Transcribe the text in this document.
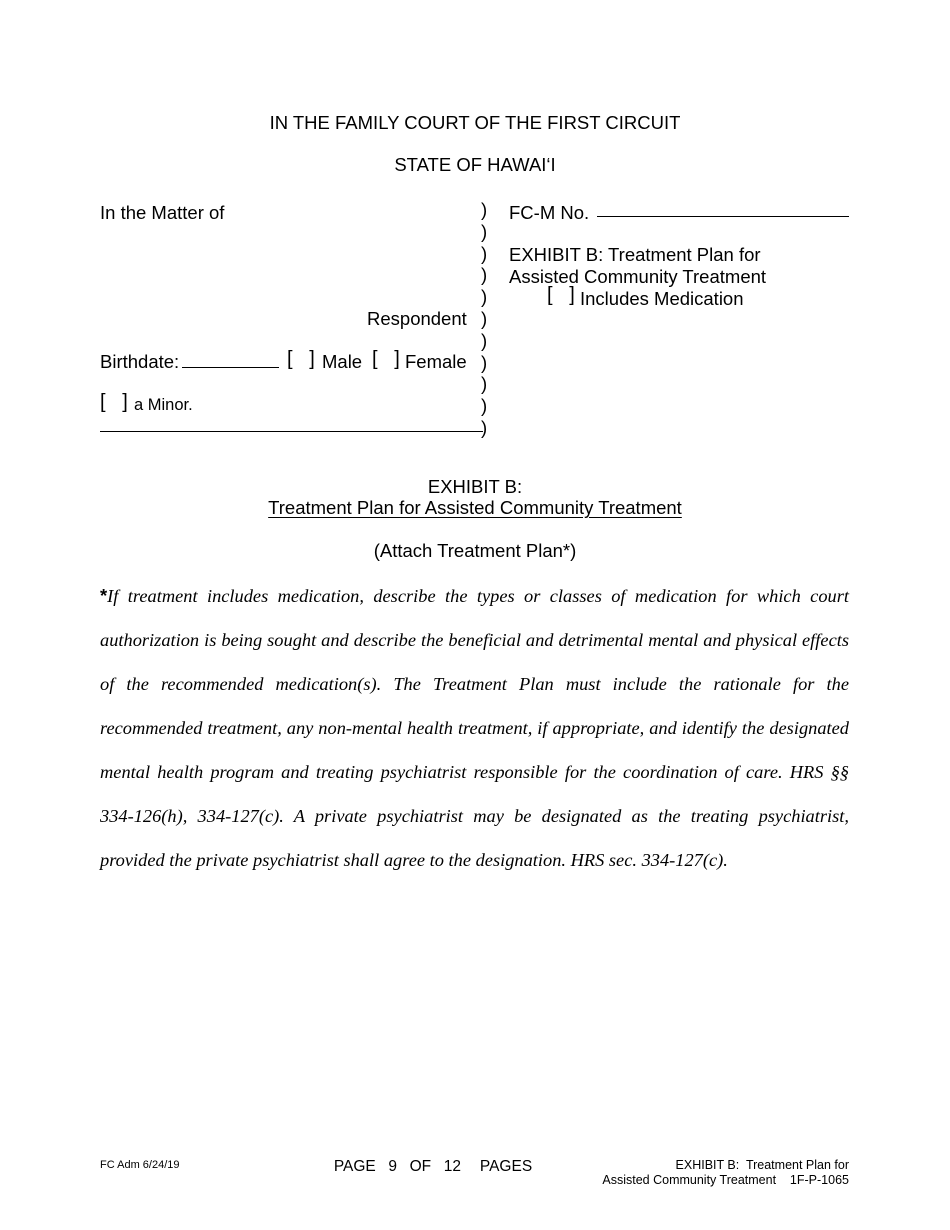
IN THE FAMILY COURT OF THE FIRST CIRCUIT
STATE OF HAWAI‘I
In the Matter of
Respondent
Birthdate:	[   ] Male [   ] Female
[   ] a Minor.
)
)
)
)
)
)
)
)
)
)
)
FC-M No.
EXHIBIT B: Treatment Plan for
Assisted Community Treatment
[   ] Includes Medication
EXHIBIT B:
Treatment Plan for Assisted Community Treatment
(Attach Treatment Plan*)
*If treatment includes medication, describe the types or classes of medication for which court authorization is being sought and describe the beneficial and detrimental mental and physical effects of the recommended medication(s). The Treatment Plan must include the rationale for the recommended treatment, any non-mental health treatment, if appropriate, and identify the designated mental health program and treating psychiatrist responsible for the coordination of care. HRS §§ 334-126(h), 334-127(c). A private psychiatrist may be designated as the treating psychiatrist, provided the private psychiatrist shall agree to the designation. HRS sec. 334-127(c).
FC Adm 6/24/19	PAGE  9  OF  12   PAGES	EXHIBIT B:  Treatment Plan for
Assisted Community Treatment    1F-P-1065
